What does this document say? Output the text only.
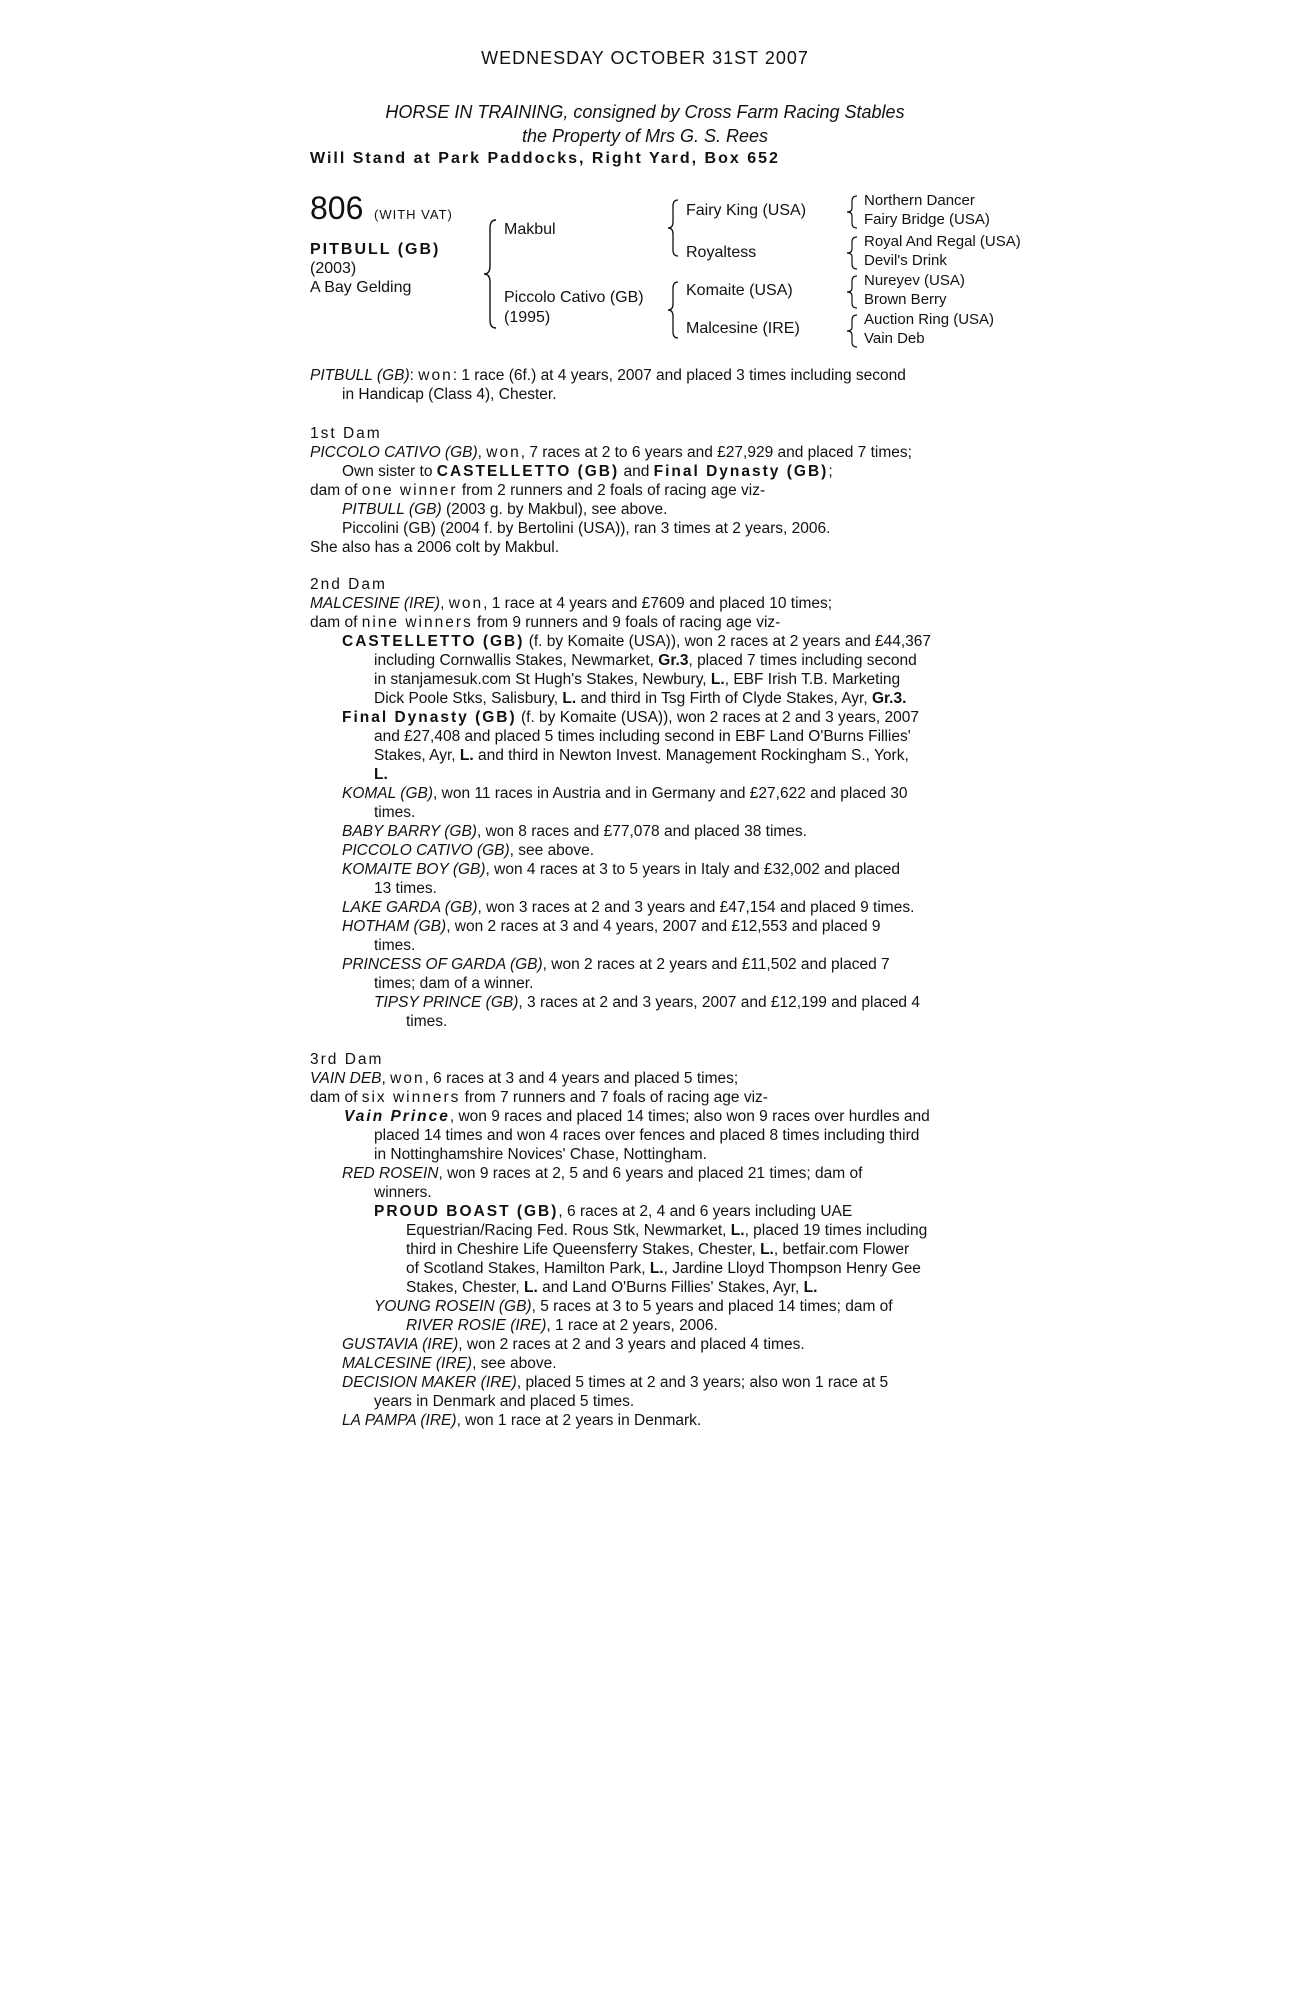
WEDNESDAY OCTOBER 31ST 2007
HORSE IN TRAINING, consigned by Cross Farm Racing Stables
the Property of Mrs G. S. Rees
Will Stand at Park Paddocks, Right Yard, Box 652
806 (WITH VAT)
PITBULL (GB)
(2003)
A Bay Gelding
Makbul
Piccolo Cativo (GB)
(1995)
Fairy King (USA)
Royaltess
Komaite (USA)
Malcesine (IRE)
Northern Dancer
Fairy Bridge (USA)
Royal And Regal (USA)
Devil's Drink
Nureyev (USA)
Brown Berry
Auction Ring (USA)
Vain Deb
PITBULL (GB): won: 1 race (6f.) at 4 years, 2007 and placed 3 times including second
in Handicap (Class 4), Chester.
1st Dam
PICCOLO CATIVO (GB), won, 7 races at 2 to 6 years and £27,929 and placed 7 times;
Own sister to CASTELLETTO (GB) and Final Dynasty (GB);
dam of one winner from 2 runners and 2 foals of racing age viz-
PITBULL (GB) (2003 g. by Makbul), see above.
Piccolini (GB) (2004 f. by Bertolini (USA)), ran 3 times at 2 years, 2006.
She also has a 2006 colt by Makbul.
2nd Dam
MALCESINE (IRE), won, 1 race at 4 years and £7609 and placed 10 times;
dam of nine winners from 9 runners and 9 foals of racing age viz-
CASTELLETTO (GB) (f. by Komaite (USA)), won 2 races at 2 years and £44,367
including Cornwallis Stakes, Newmarket, Gr.3, placed 7 times including second
in stanjamesuk.com St Hugh's Stakes, Newbury, L., EBF Irish T.B. Marketing
Dick Poole Stks, Salisbury, L. and third in Tsg Firth of Clyde Stakes, Ayr, Gr.3.
Final Dynasty (GB) (f. by Komaite (USA)), won 2 races at 2 and 3 years, 2007
and £27,408 and placed 5 times including second in EBF Land O'Burns Fillies'
Stakes, Ayr, L. and third in Newton Invest. Management Rockingham S., York,
L.
KOMAL (GB), won 11 races in Austria and in Germany and £27,622 and placed 30
times.
BABY BARRY (GB), won 8 races and £77,078 and placed 38 times.
PICCOLO CATIVO (GB), see above.
KOMAITE BOY (GB), won 4 races at 3 to 5 years in Italy and £32,002 and placed
13 times.
LAKE GARDA (GB), won 3 races at 2 and 3 years and £47,154 and placed 9 times.
HOTHAM (GB), won 2 races at 3 and 4 years, 2007 and £12,553 and placed 9
times.
PRINCESS OF GARDA (GB), won 2 races at 2 years and £11,502 and placed 7
times; dam of a winner.
TIPSY PRINCE (GB), 3 races at 2 and 3 years, 2007 and £12,199 and placed 4
times.
3rd Dam
VAIN DEB, won, 6 races at 3 and 4 years and placed 5 times;
dam of six winners from 7 runners and 7 foals of racing age viz-
Vain Prince, won 9 races and placed 14 times; also won 9 races over hurdles and
placed 14 times and won 4 races over fences and placed 8 times including third
in Nottinghamshire Novices' Chase, Nottingham.
RED ROSEIN, won 9 races at 2, 5 and 6 years and placed 21 times; dam of
winners.
PROUD BOAST (GB), 6 races at 2, 4 and 6 years including UAE
Equestrian/Racing Fed. Rous Stk, Newmarket, L., placed 19 times including
third in Cheshire Life Queensferry Stakes, Chester, L., betfair.com Flower
of Scotland Stakes, Hamilton Park, L., Jardine Lloyd Thompson Henry Gee
Stakes, Chester, L. and Land O'Burns Fillies' Stakes, Ayr, L.
YOUNG ROSEIN (GB), 5 races at 3 to 5 years and placed 14 times; dam of
RIVER ROSIE (IRE), 1 race at 2 years, 2006.
GUSTAVIA (IRE), won 2 races at 2 and 3 years and placed 4 times.
MALCESINE (IRE), see above.
DECISION MAKER (IRE), placed 5 times at 2 and 3 years; also won 1 race at 5
years in Denmark and placed 5 times.
LA PAMPA (IRE), won 1 race at 2 years in Denmark.
